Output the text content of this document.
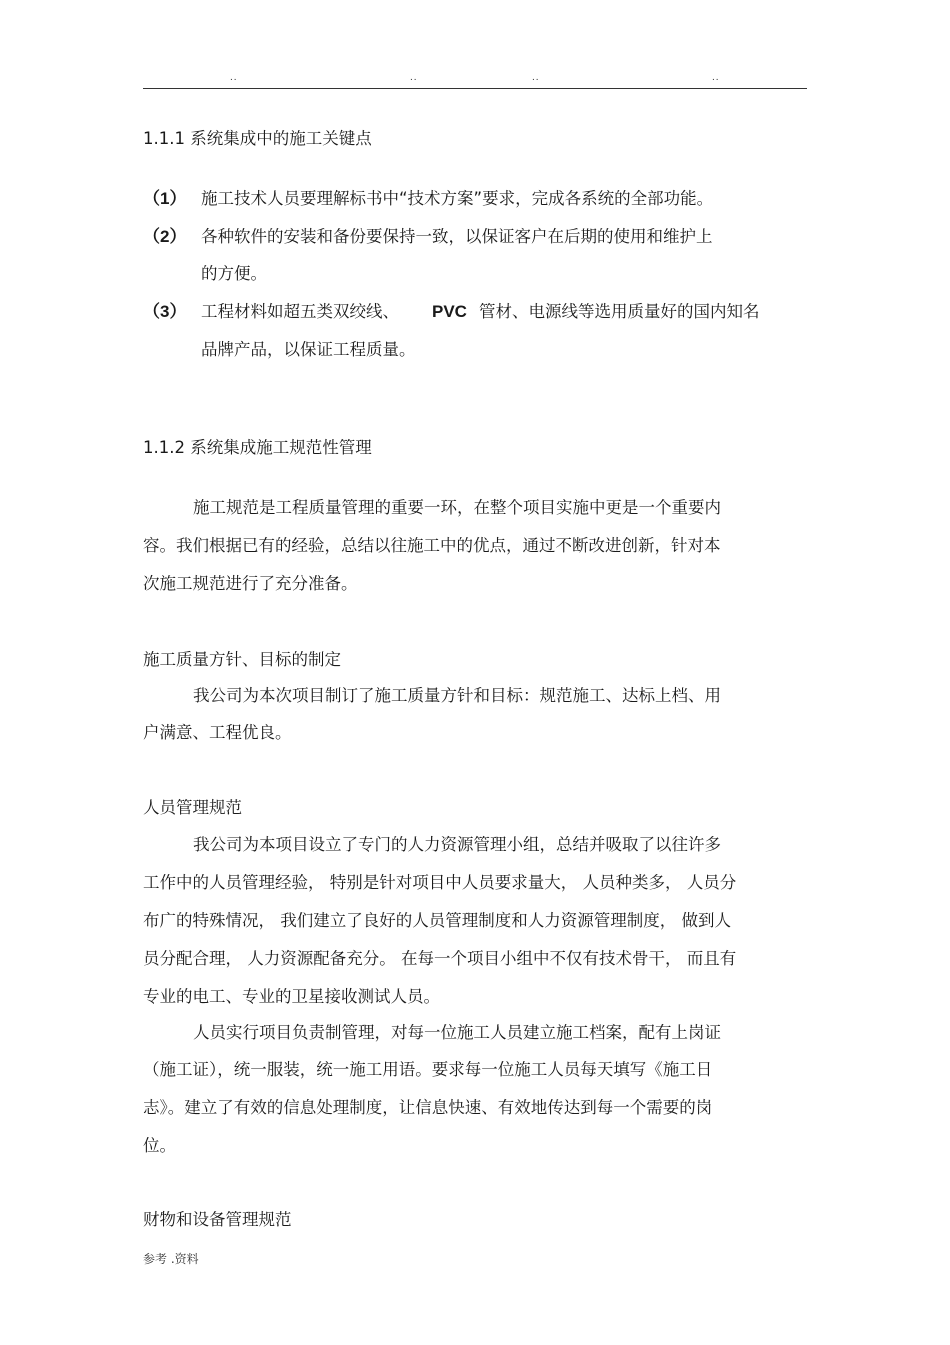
..	..	..	..
1.1.1 系统集成中的施工关键点
（1） 施工技术人员要理解标书中“技术方案”要求，完成各系统的全部功能。
（2） 各种软件的安装和备份要保持一致，以保证客户在后期的使用和维护上
的方便。
（3） 工程材料如超五类双绞线、 PVC 管材、电源线等选用质量好的国内知名
品牌产品，以保证工程质量。
1.1.2 系统集成施工规范性管理
施工规范是工程质量管理的重要一环，在整个项目实施中更是一个重要内
容。我们根据已有的经验，总结以往施工中的优点，通过不断改进创新，针对本
次施工规范进行了充分准备。
施工质量方针、目标的制定
我公司为本次项目制订了施工质量方针和目标：规范施工、达标上档、用
户满意、工程优良。
人员管理规范
我公司为本项目设立了专门的人力资源管理小组，总结并吸取了以往许多
工作中的人员管理经验， 特别是针对项目中人员要求量大， 人员种类多， 人员分
布广的特殊情况， 我们建立了良好的人员管理制度和人力资源管理制度， 做到人
员分配合理， 人力资源配备充分。 在每一个项目小组中不仅有技术骨干， 而且有
专业的电工、专业的卫星接收测试人员。
人员实行项目负责制管理，对每一位施工人员建立施工档案，配有上岗证
（施工证），统一服装，统一施工用语。要求每一位施工人员每天填写《施工日
志》。建立了有效的信息处理制度，让信息快速、有效地传达到每一个需要的岗
位。
财物和设备管理规范
参考 .资料
